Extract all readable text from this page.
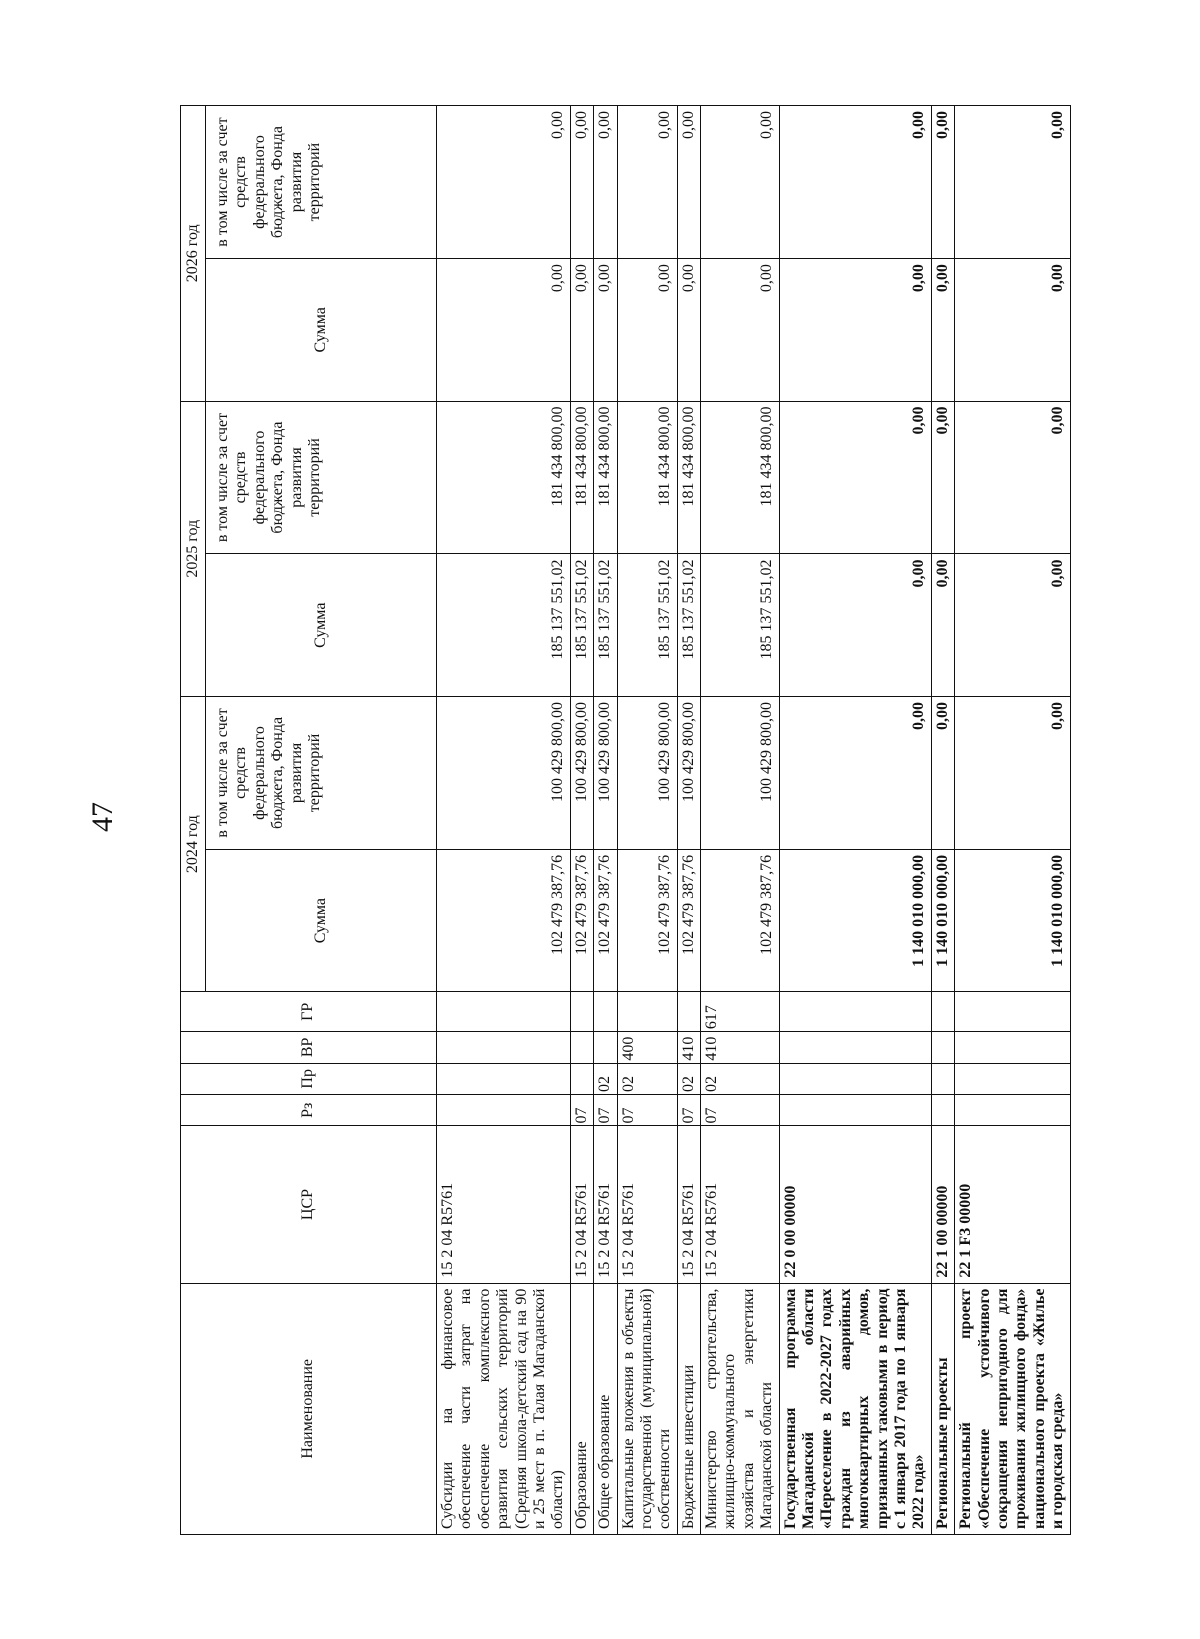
47
Наименование	ЦСР	Рз	Пр	ВР	ГР	2024 год		2025 год		2026 год	
						Сумма	в том числе за счет средств федерального бюджета, Фонда развития территорий	Сумма	в том числе за счет средств федерального бюджета, Фонда развития территорий	Сумма	в том числе за счет средств федерального бюджета, Фонда развития территорий
Субсидии на финансовое обеспечение части затрат на обеспечение комплексного развития сельских территорий (Средняя школа-детский сад на 90 и 25 мест в п. Талая Магаданской области)	15 2 04 R5761					102 479 387,76	100 429 800,00	185 137 551,02	181 434 800,00	0,00	0,00
Образование	15 2 04 R5761	07				102 479 387,76	100 429 800,00	185 137 551,02	181 434 800,00	0,00	0,00
Общее образование	15 2 04 R5761	07	02			102 479 387,76	100 429 800,00	185 137 551,02	181 434 800,00	0,00	0,00
Капитальные вложения в объекты государственной (муниципальной) собственности	15 2 04 R5761	07	02	400		102 479 387,76	100 429 800,00	185 137 551,02	181 434 800,00	0,00	0,00
Бюджетные инвестиции	15 2 04 R5761	07	02	410		102 479 387,76	100 429 800,00	185 137 551,02	181 434 800,00	0,00	0,00
Министерство строительства, жилищно-коммунального хозяйства и энергетики Магаданской области	15 2 04 R5761	07	02	410	617	102 479 387,76	100 429 800,00	185 137 551,02	181 434 800,00	0,00	0,00
Государственная программа Магаданской области «Переселение в 2022-2027 годах граждан из аварийных многоквартирных домов, признанных таковыми в период с 1 января 2017 года по 1 января 2022 года»	22 0 00 00000					1 140 010 000,00	0,00	0,00	0,00	0,00	0,00
Региональные проекты	22 1 00 00000					1 140 010 000,00	0,00	0,00	0,00	0,00	0,00
Региональный проект «Обеспечение устойчивого сокращения непригодного для проживания жилищного фонда» национального проекта «Жилье и городская среда»	22 1 F3 00000					1 140 010 000,00	0,00	0,00	0,00	0,00	0,00
